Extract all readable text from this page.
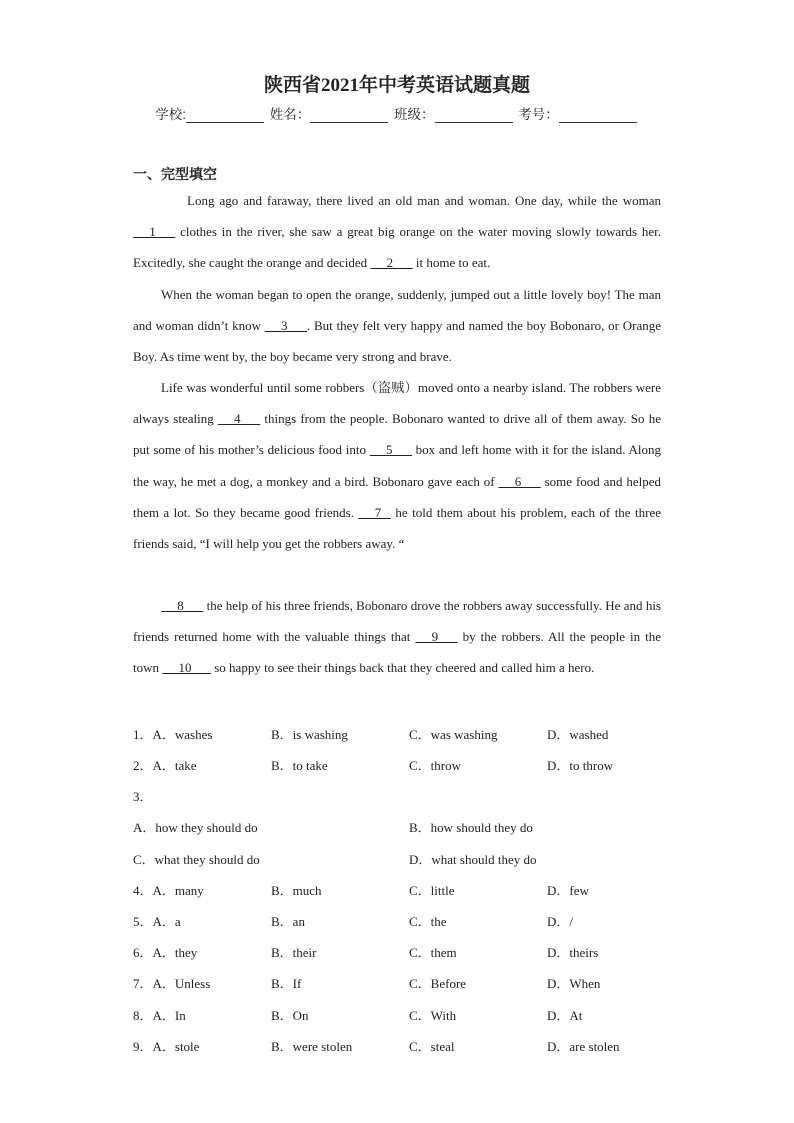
陕西省2021年中考英语试题真题
学校:	姓名：	班级：	考号：
一、完型填空

Long ago and faraway, there lived an old man and woman. One day, while the woman      1       clothes in the river, she saw a great big orange on the water moving slowly towards her. Excitedly, she caught the orange and decided      2       it home to eat.

When the woman began to open the orange, suddenly, jumped out a little lovely boy! The man and woman didn’t know      3      . But they felt very happy and named the boy Bobonaro, or Orange Boy. As time went by, the boy became very strong and brave.

Life was wonderful until some robbers（盗贼）moved onto a nearby island. The robbers were always stealing      4       things from the people. Bobonaro wanted to drive all of them away. So he put some of his mother’s delicious food into      5       box and left home with it for the island. Along the way, he met a dog, a monkey and a bird. Bobonaro gave each of      6       some food and helped them a lot. So they became good friends.      7    he told them about his problem, each of the three friends said, “I will help you get the robbers away. “

8       the help of his three friends, Bobonaro drove the robbers away successfully. He and his friends returned home with the valuable things that      9       by the robbers. All the people in the town      10       so happy to see their things back that they cheered and called him a hero.

1．A．washes	B．is washing	C．was washing	D．washed
2．A．take	B．to take	C．throw	D．to throw
3．
A．how they should do	B．how should they do
C．what they should do	D．what should they do
4．A．many	B．much	C．little	D．few
5．A．a	B．an	C．the	D．/
6．A．they	B．their	C．them	D．theirs
7．A．Unless	B．If	C．Before	D．When
8．A．In	B．On	C．With	D．At
9．A．stole	B．were stolen	C．steal	D．are stolen
